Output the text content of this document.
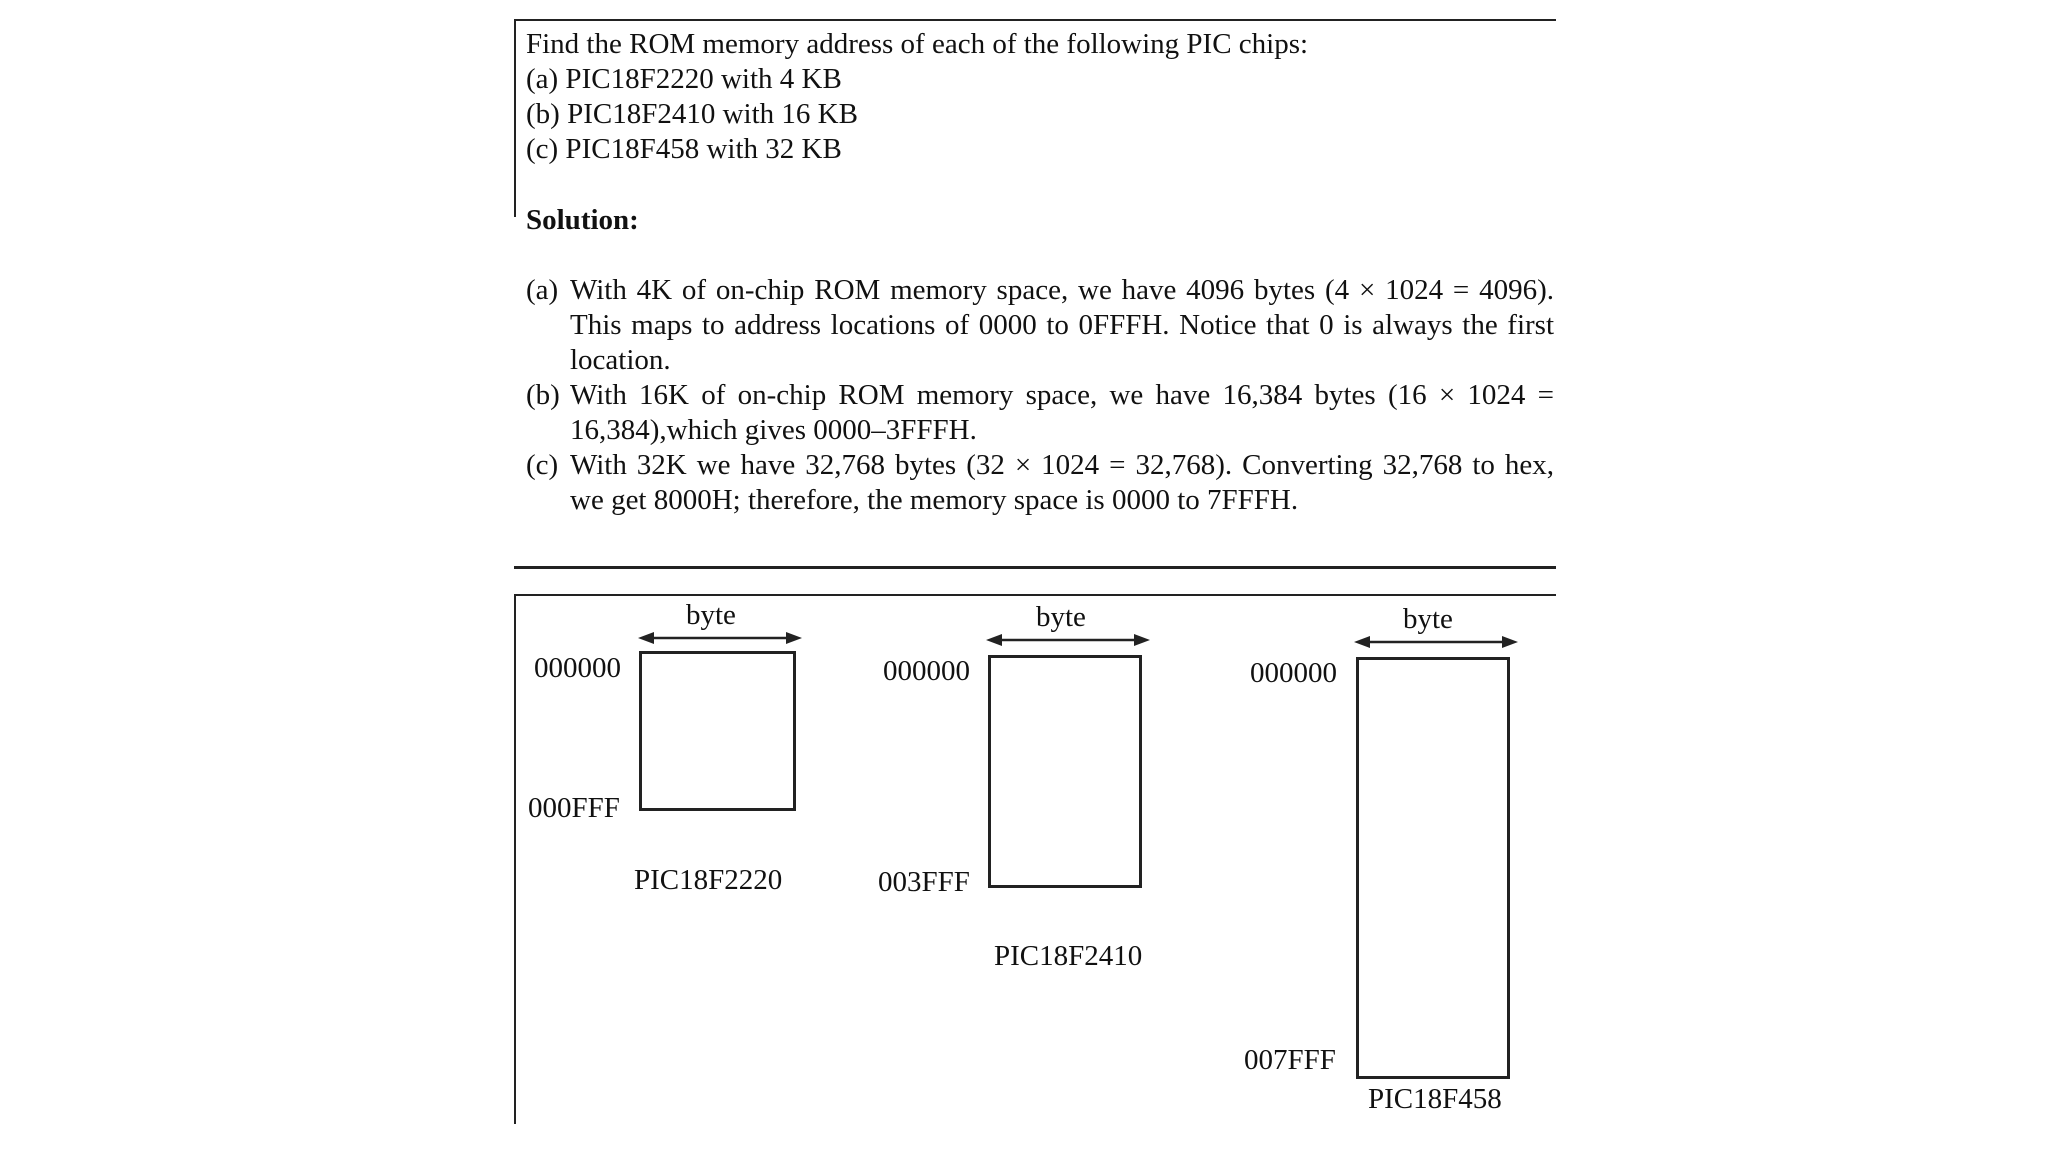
Find the ROM memory address of each of the following PIC chips:

(a) PIC18F2220 with 4 KB

(b) PIC18F2410 with 16 KB

(c) PIC18F458 with 32 KB

Solution:

(a) With 4K of on-chip ROM memory space, we have 4096 bytes (4 × 1024 = 4096).

This maps to address locations of 0000 to 0FFFH. Notice that 0 is always the first

location.

(b) With 16K of on-chip ROM memory space, we have 16,384 bytes (16 × 1024 =

16,384),which gives 0000–3FFFH.

(c) With 32K we have 32,768 bytes (32 × 1024 = 32,768). Converting 32,768 to hex,

we get 8000H; therefore, the memory space is 0000 to 7FFFH.

byte
000000
000FFF
PIC18F2220
byte
000000
003FFF
PIC18F2410
byte
000000
007FFF
PIC18F458
